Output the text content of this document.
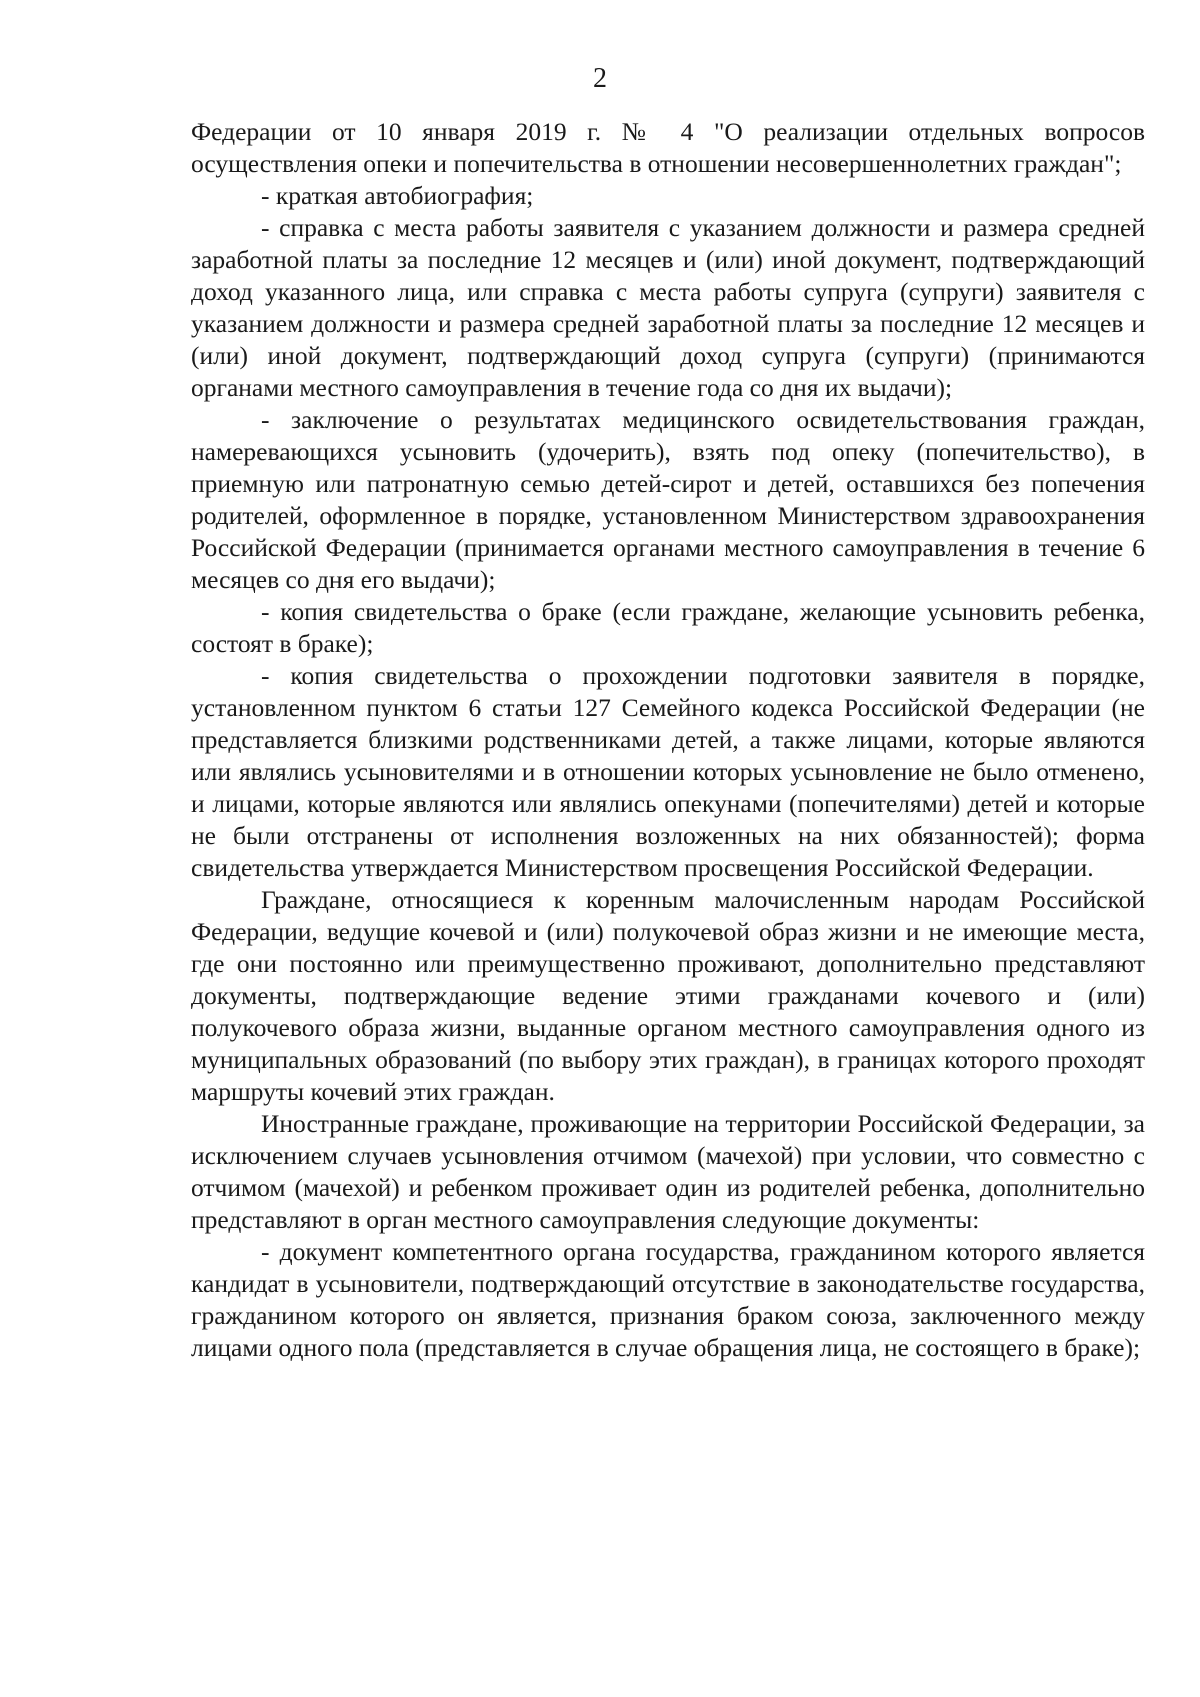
2

Федерации от 10 января 2019 г. № 4 "О реализации отдельных вопросов осуществления опеки и попечительства в отношении несовершеннолетних граждан";

- краткая автобиография;

- справка с места работы заявителя с указанием должности и размера средней заработной платы за последние 12 месяцев и (или) иной документ, подтверждающий доход указанного лица, или справка с места работы супруга (супруги) заявителя с указанием должности и размера средней заработной платы за последние 12 месяцев и (или) иной документ, подтверждающий доход супруга (супруги) (принимаются органами местного самоуправления в течение года со дня их выдачи);

- заключение о результатах медицинского освидетельствования граждан, намеревающихся усыновить (удочерить), взять под опеку (попечительство), в приемную или патронатную семью детей-сирот и детей, оставшихся без попечения родителей, оформленное в порядке, установленном Министерством здравоохранения Российской Федерации (принимается органами местного самоуправления в течение 6 месяцев со дня его выдачи);

- копия свидетельства о браке (если граждане, желающие усыновить ребенка, состоят в браке);

- копия свидетельства о прохождении подготовки заявителя в порядке, установленном пунктом 6 статьи 127 Семейного кодекса Российской Федерации (не представляется близкими родственниками детей, а также лицами, которые являются или являлись усыновителями и в отношении которых усыновление не было отменено, и лицами, которые являются или являлись опекунами (попечителями) детей и которые не были отстранены от исполнения возложенных на них обязанностей); форма свидетельства утверждается Министерством просвещения Российской Федерации.

Граждане, относящиеся к коренным малочисленным народам Российской Федерации, ведущие кочевой и (или) полукочевой образ жизни и не имеющие места, где они постоянно или преимущественно проживают, дополнительно представляют документы, подтверждающие ведение этими гражданами кочевого и (или) полукочевого образа жизни, выданные органом местного самоуправления одного из муниципальных образований (по выбору этих граждан), в границах которого проходят маршруты кочевий этих граждан.

Иностранные граждане, проживающие на территории Российской Федерации, за исключением случаев усыновления отчимом (мачехой) при условии, что совместно с отчимом (мачехой) и ребенком проживает один из родителей ребенка, дополнительно представляют в орган местного самоуправления следующие документы:

- документ компетентного органа государства, гражданином которого является кандидат в усыновители, подтверждающий отсутствие в законодательстве государства, гражданином которого он является, признания браком союза, заключенного между лицами одного пола (представляется в случае обращения лица, не состоящего в браке);
